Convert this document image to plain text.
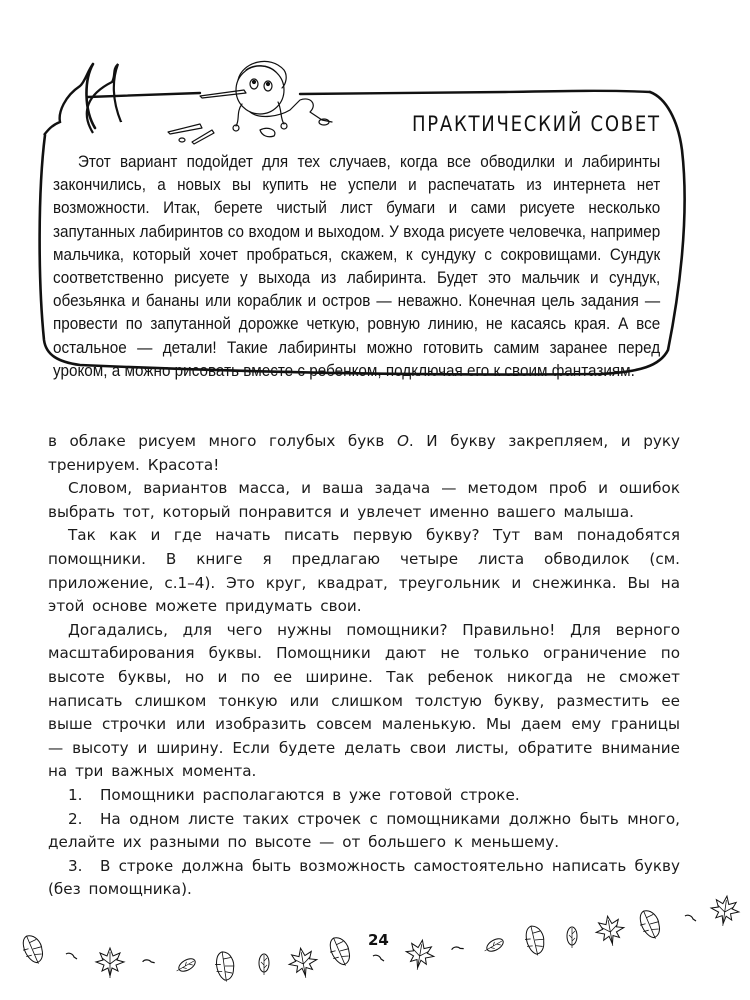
ПРАКТИЧЕСКИЙ СОВЕТ

Этот вариант подойдет для тех случаев, когда все обводилки и лабиринты закончились, а новых вы купить не успели и распечатать из интернета нет возможности. Итак, берете чистый лист бумаги и сами рисуете несколько запутанных лабиринтов со входом и выходом. У входа рисуете человечка, например мальчика, который хочет пробраться, скажем, к сундуку с сокровищами. Сундук соответственно рисуете у выхода из лабиринта. Будет это мальчик и сундук, обезьянка и бананы или кораблик и остров — неважно. Конечная цель задания — провести по запутанной дорожке четкую, ровную линию, не касаясь края. А все остальное — детали! Такие лабиринты можно готовить самим заранее перед уроком, а можно рисовать вместе с ребенком, подключая его к своим фантазиям.

в облаке рисуем много голубых букв О. И букву закрепляем, и руку тренируем. Красота!

Словом, вариантов масса, и ваша задача — методом проб и ошибок выбрать тот, который понравится и увлечет именно вашего малыша.

Так как и где начать писать первую букву? Тут вам понадобятся помощники. В книге я предлагаю четыре листа обводилок (см. приложение, с.1–4). Это круг, квадрат, треугольник и снежинка. Вы на этой основе можете придумать свои.

Догадались, для чего нужны помощники? Правильно! Для верного масштабирования буквы. Помощники дают не только ограничение по высоте буквы, но и по ее ширине. Так ребенок никогда не сможет написать слишком тонкую или слишком толстую букву, разместить ее выше строчки или изобразить совсем маленькую. Мы даем ему границы — высоту и ширину. Если будете делать свои листы, обратите внимание на три важных момента.

1. Помощники располагаются в уже готовой строке.

2. На одном листе таких строчек с помощниками должно быть много, делайте их разными по высоте — от большего к меньшему.

3. В строке должна быть возможность самостоятельно написать букву (без помощника).

24
